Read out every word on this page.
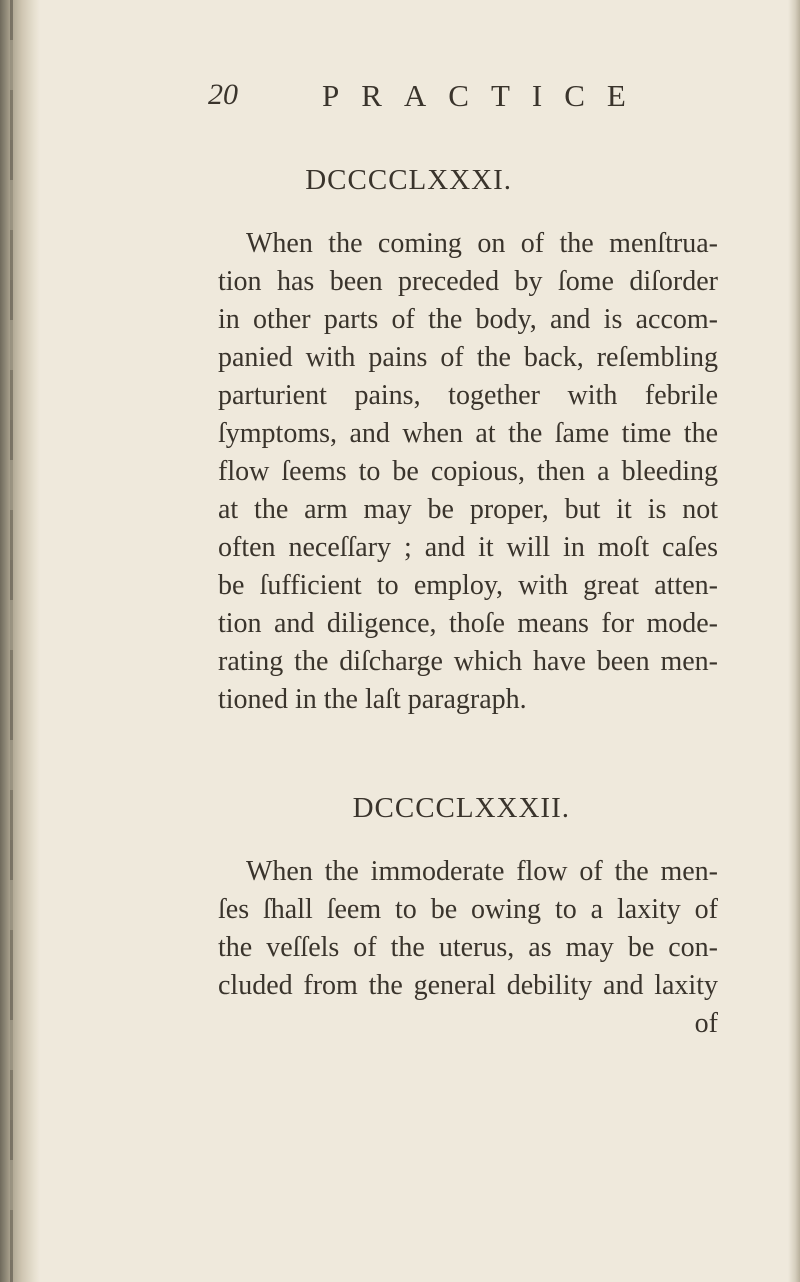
20	PRACTICE
DCCCCLXXXI.
When the coming on of the menſtrua-
tion has been preceded by ſome diſorder
in other parts of the body, and is accom-
panied with pains of the back, reſembling
parturient pains, together with febrile
ſymptoms, and when at the ſame time the
flow ſeems to be copious, then a bleeding
at the arm may be proper, but it is not
often neceſſary ; and it will in moſt caſes
be ſufficient to employ, with great atten-
tion and diligence, thoſe means for mode-
rating the diſcharge which have been men-
tioned in the laſt paragraph.
DCCCCLXXXII.
When the immoderate flow of the men-
ſes ſhall ſeem to be owing to a laxity of
the veſſels of the uterus, as may be con-
cluded from the general debility and laxity
of
